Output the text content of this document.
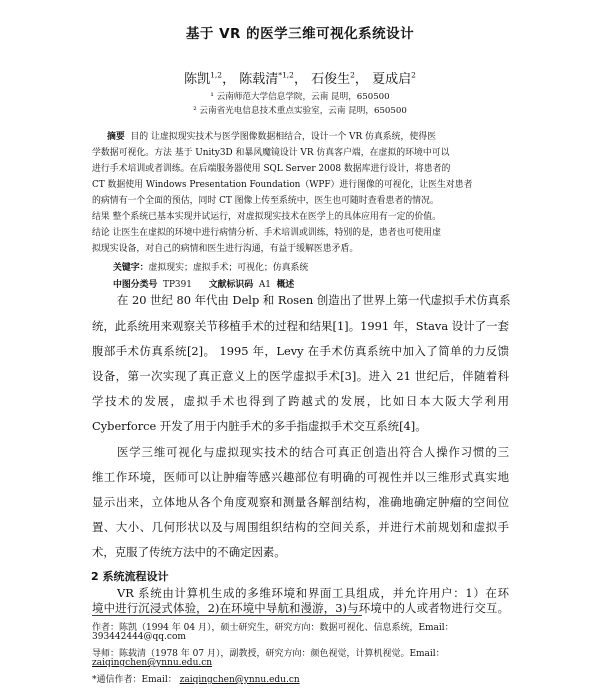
基于 VR 的医学三维可视化系统设计
陈凯$^{1,2}$， 陈载清$^{*1,2}$， 石俊生$^2$， 夏成启$^2$
¹ 云南师范大学信息学院，云南 昆明，650500
² 云南省光电信息技术重点实验室，云南 昆明，650500
摘要 目的 让虚拟现实技术与医学图像数据相结合，设计一个 VR 仿真系统，使得医
学数据可视化。方法 基于 Unity3D 和暴风魔镜设计 VR 仿真客户端，在虚拟的环境中可以
进行手术培训或者训练。在后端服务器使用 SQL Server 2008 数据库进行设计，将患者的
CT 数据使用 Windows Presentation Foundation（WPF）进行图像的可视化，让医生对患者
的病情有一个全面的预估，同时 CT 图像上传至系统中，医生也可随时查看患者的情况。
结果 整个系统已基本实现并试运行，对虚拟现实技术在医学上的具体应用有一定的价值。
结论 让医生在虚拟的环境中进行病情分析、手术培训或训练，特别的是，患者也可使用虚
拟现实设备，对自己的病情和医生进行沟通，有益于缓解医患矛盾。
关键字：虚拟现实；虚拟手术；可视化；仿真系统
中图分类号 TP391 文献标识码 A1 概述
在 20 世纪 80 年代由 Delp 和 Rosen 创造出了世界上第一代虚拟手术仿真系
统，此系统用来观察关节移植手术的过程和结果[1]。1991 年，Stava 设计了一套
腹部手术仿真系统[2]。 1995 年，Levy 在手术仿真系统中加入了简单的力反馈
设备，第一次实现了真正意义上的医学虚拟手术[3]。进入 21 世纪后，伴随着科
学技术的发展，虚拟手术也得到了跨越式的发展，比如日本大阪大学利用
Cyberforce 开发了用于内脏手术的多手指虚拟手术交互系统[4]。
医学三维可视化与虚拟现实技术的结合可真正创造出符合人操作习惯的三
维工作环境，医师可以让肿瘤等感兴趣部位有明确的可视性并以三维形式真实地
显示出来，立体地从各个角度观察和测量各解剖结构，准确地确定肿瘤的空间位
置、大小、几何形状以及与周围组织结构的空间关系，并进行术前规划和虚拟手
术，克服了传统方法中的不确定因素。
2 系统流程设计
VR 系统由计算机生成的多维环境和界面工具组成，并允许用户：1）在环
境中进行沉浸式体验，2)在环境中导航和漫游，3)与环境中的人或者物进行交互。
作者：陈凯（1994 年 04 月），硕士研究生，研究方向：数据可视化、信息系统，Email：
393442444@qq.com
导师：陈载清（1978 年 07 月），副教授，研究方向：颜色视觉，计算机视觉。Email：
zaiqingchen@ynnu.edu.cn
*通信作者：Email： zaiqingchen@ynnu.edu.cn
